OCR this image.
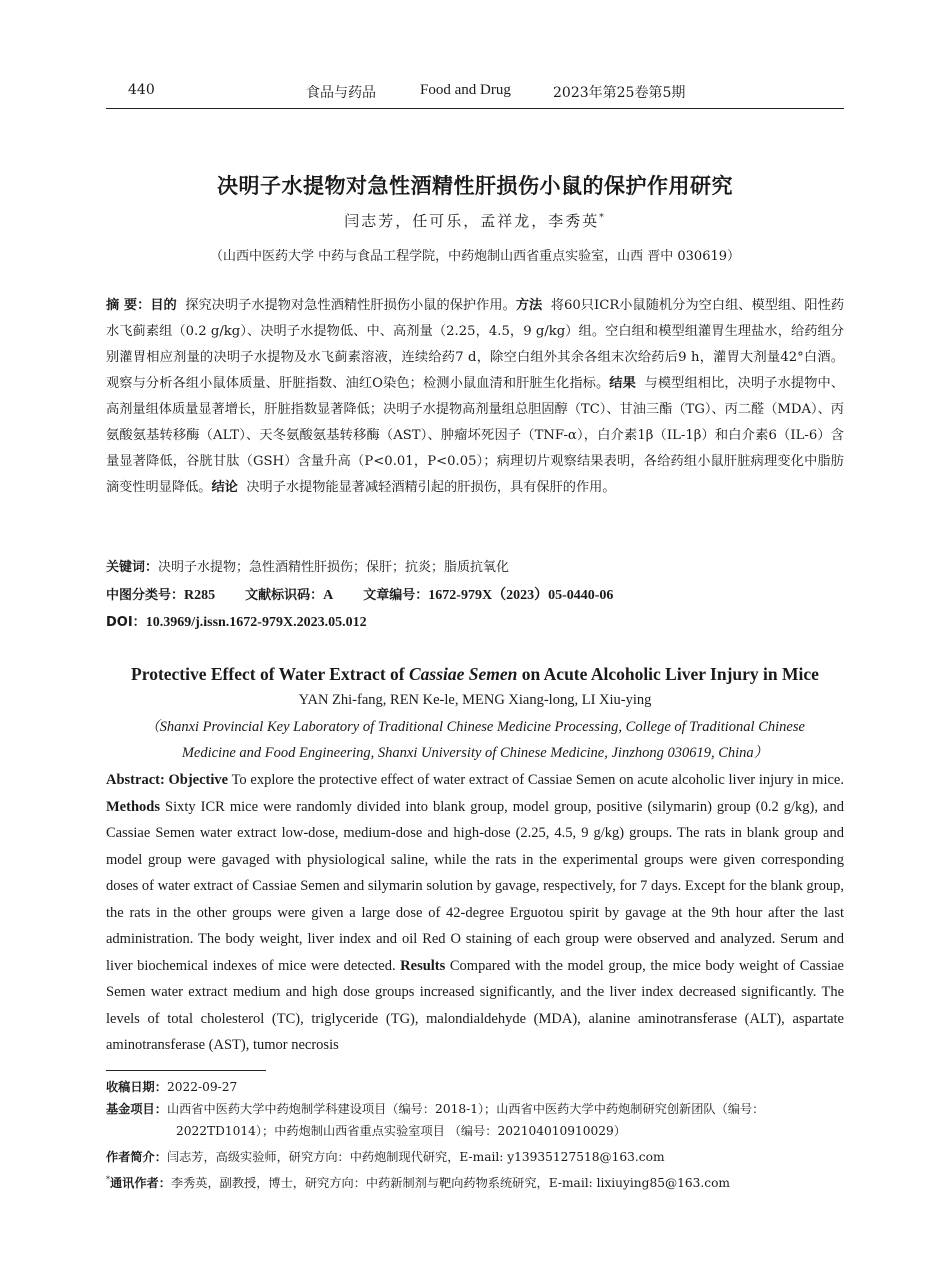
440	食品与药品	Food and Drug	2023年第25卷第5期
决明子水提物对急性酒精性肝损伤小鼠的保护作用研究
闫志芳，任可乐，孟祥龙，李秀英*
（山西中医药大学 中药与食品工程学院，中药炮制山西省重点实验室，山西 晋中 030619）
摘 要：目的 探究决明子水提物对急性酒精性肝损伤小鼠的保护作用。方法 将60只ICR小鼠随机分为空白组、模型组、阳性药水飞蓟素组（0.2 g/kg）、决明子水提物低、中、高剂量（2.25，4.5，9 g/kg）组。空白组和模型组灌胃生理盐水，给药组分别灌胃相应剂量的决明子水提物及水飞蓟素溶液，连续给药7 d，除空白组外其余各组末次给药后9 h，灌胃大剂量42°白酒。观察与分析各组小鼠体质量、肝脏指数、油红O染色；检测小鼠血清和肝脏生化指标。结果 与模型组相比，决明子水提物中、高剂量组体质量显著增长，肝脏指数显著降低；决明子水提物高剂量组总胆固醇（TC）、甘油三酯（TG）、丙二醛（MDA）、丙氨酸氨基转移酶（ALT）、天冬氨酸氨基转移酶（AST）、肿瘤坏死因子（TNF-α），白介素1β（IL-1β）和白介素6（IL-6）含量显著降低，谷胱甘肽（GSH）含量升高（P<0.01，P<0.05）；病理切片观察结果表明，各给药组小鼠肝脏病理变化中脂肪滴变性明显降低。结论 决明子水提物能显著减轻酒精引起的肝损伤，具有保肝的作用。
关键词：决明子水提物；急性酒精性肝损伤；保肝；抗炎；脂质抗氧化
中图分类号：R285 文献标识码：A 文章编号：1672-979X（2023）05-0440-06
DOI：10.3969/j.issn.1672-979X.2023.05.012
Protective Effect of Water Extract of Cassiae Semen on Acute Alcoholic Liver Injury in Mice
YAN Zhi-fang, REN Ke-le, MENG Xiang-long, LI Xiu-ying
（Shanxi Provincial Key Laboratory of Traditional Chinese Medicine Processing, College of Traditional Chinese
Medicine and Food Engineering, Shanxi University of Chinese Medicine, Jinzhong 030619, China）
Abstract: Objective To explore the protective effect of water extract of Cassiae Semen on acute alcoholic liver injury in mice. Methods Sixty ICR mice were randomly divided into blank group, model group, positive (silymarin) group (0.2 g/kg), and Cassiae Semen water extract low-dose, medium-dose and high-dose (2.25, 4.5, 9 g/kg) groups. The rats in blank group and model group were gavaged with physiological saline, while the rats in the experimental groups were given corresponding doses of water extract of Cassiae Semen and silymarin solution by gavage, respectively, for 7 days. Except for the blank group, the rats in the other groups were given a large dose of 42-degree Erguotou spirit by gavage at the 9th hour after the last administration. The body weight, liver index and oil Red O staining of each group were observed and analyzed. Serum and liver biochemical indexes of mice were detected. Results Compared with the model group, the mice body weight of Cassiae Semen water extract medium and high dose groups increased significantly, and the liver index decreased significantly. The levels of total cholesterol (TC), triglyceride (TG), malondialdehyde (MDA), alanine aminotransferase (ALT), aspartate aminotransferase (AST), tumor necrosis
收稿日期：2022-09-27
基金项目：山西省中医药大学中药炮制学科建设项目（编号：2018-1）；山西省中医药大学中药炮制研究创新团队（编号：
2022TD1014）；中药炮制山西省重点实验室项目 （编号：202104010910029）
作者简介：闫志芳，高级实验师，研究方向：中药炮制现代研究，E-mail: y13935127518@163.com
*通讯作者：李秀英，副教授，博士，研究方向：中药新制剂与靶向药物系统研究，E-mail: lixiuying85@163.com
